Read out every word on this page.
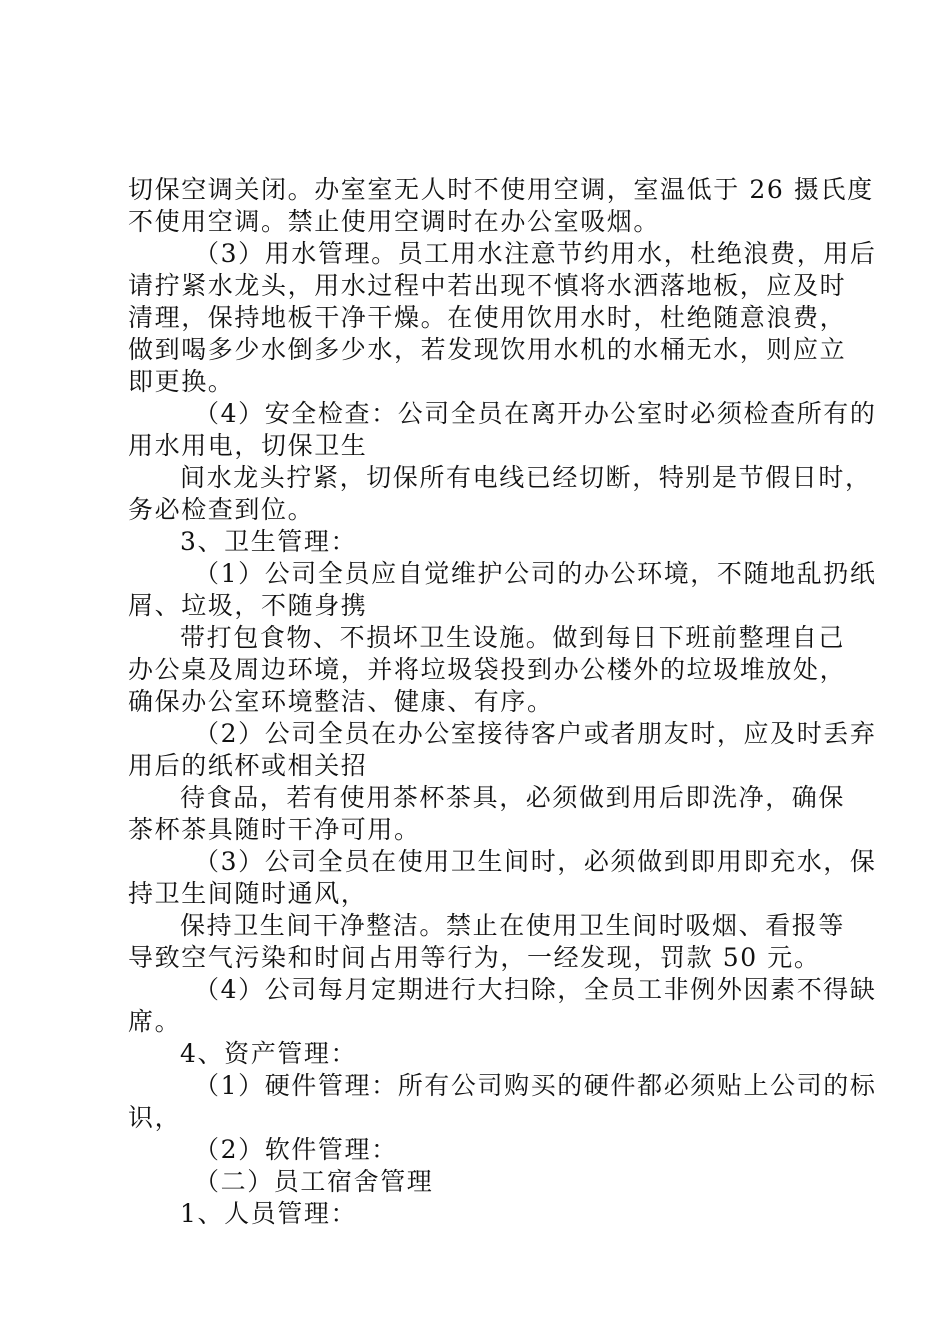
切保空调关闭。办室室无人时不使用空调，室温低于 26 摄氏度

不使用空调。禁止使用空调时在办公室吸烟。

（3）用水管理。员工用水注意节约用水，杜绝浪费，用后

请拧紧水龙头，用水过程中若出现不慎将水洒落地板，应及时

清理，保持地板干净干燥。在使用饮用水时，杜绝随意浪费，

做到喝多少水倒多少水，若发现饮用水机的水桶无水，则应立

即更换。

（4）安全检查：公司全员在离开办公室时必须检查所有的

用水用电，切保卫生

间水龙头拧紧，切保所有电线已经切断，特别是节假日时，

务必检查到位。

3、卫生管理：

（1）公司全员应自觉维护公司的办公环境，不随地乱扔纸

屑、垃圾，不随身携

带打包食物、不损坏卫生设施。做到每日下班前整理自己

办公桌及周边环境，并将垃圾袋投到办公楼外的垃圾堆放处，

确保办公室环境整洁、健康、有序。

（2）公司全员在办公室接待客户或者朋友时，应及时丢弃

用后的纸杯或相关招

待食品，若有使用茶杯茶具，必须做到用后即洗净，确保

茶杯茶具随时干净可用。

（3）公司全员在使用卫生间时，必须做到即用即充水，保

持卫生间随时通风，

保持卫生间干净整洁。禁止在使用卫生间时吸烟、看报等

导致空气污染和时间占用等行为，一经发现，罚款 50 元。

（4）公司每月定期进行大扫除，全员工非例外因素不得缺

席。

4、资产管理：

（1）硬件管理：所有公司购买的硬件都必须贴上公司的标

识，

（2）软件管理：

（二）员工宿舍管理

1、人员管理：
